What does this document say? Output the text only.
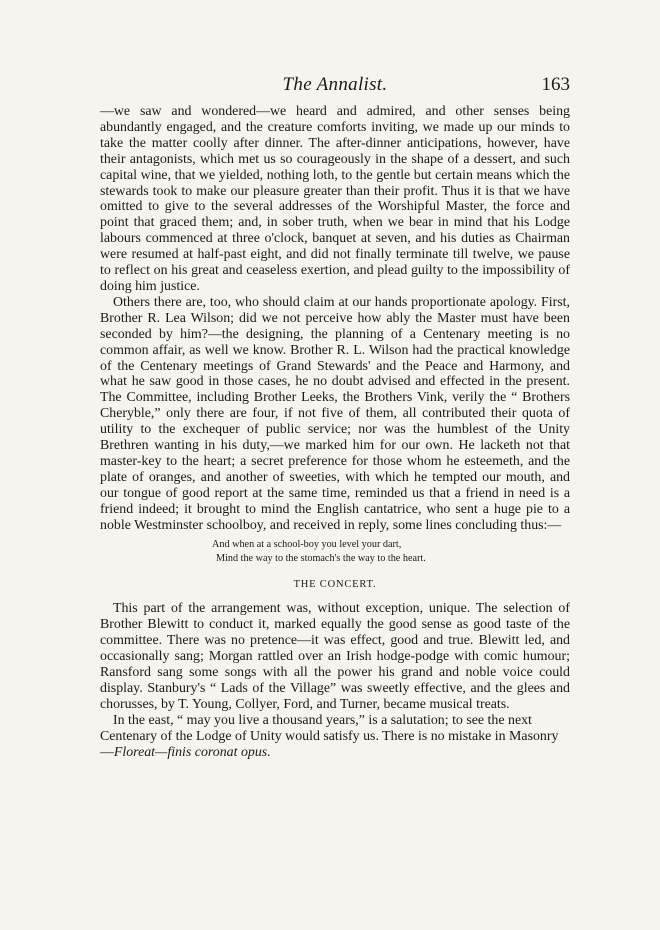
The Annalist.	163

—we saw and wondered—we heard and admired, and other senses being abundantly engaged, and the creature comforts inviting, we made up our minds to take the matter coolly after dinner. The after-dinner anticipations, however, have their antagonists, which met us so courageously in the shape of a dessert, and such capital wine, that we yielded, nothing loth, to the gentle but certain means which the stewards took to make our pleasure greater than their profit. Thus it is that we have omitted to give to the several addresses of the Worshipful Master, the force and point that graced them; and, in sober truth, when we bear in mind that his Lodge labours commenced at three o'clock, banquet at seven, and his duties as Chairman were resumed at half-past eight, and did not finally terminate till twelve, we pause to reflect on his great and ceaseless exertion, and plead guilty to the impossibility of doing him justice.

Others there are, too, who should claim at our hands proportionate apology. First, Brother R. Lea Wilson; did we not perceive how ably the Master must have been seconded by him?—the designing, the planning of a Centenary meeting is no common affair, as well we know. Brother R. L. Wilson had the practical knowledge of the Centenary meetings of Grand Stewards' and the Peace and Harmony, and what he saw good in those cases, he no doubt advised and effected in the present. The Committee, including Brother Leeks, the Brothers Vink, verily the “ Brothers Cheryble,” only there are four, if not five of them, all contributed their quota of utility to the exchequer of public service; nor was the humblest of the Unity Brethren wanting in his duty,—we marked him for our own. He lacketh not that master-key to the heart; a secret preference for those whom he esteemeth, and the plate of oranges, and another of sweeties, with which he tempted our mouth, and our tongue of good report at the same time, reminded us that a friend in need is a friend indeed; it brought to mind the English cantatrice, who sent a huge pie to a noble Westminster schoolboy, and received in reply, some lines concluding thus:—

And when at a school-boy you level your dart,
Mind the way to the stomach's the way to the heart.
THE CONCERT.

This part of the arrangement was, without exception, unique. The selection of Brother Blewitt to conduct it, marked equally the good sense as good taste of the committee. There was no pretence—it was effect, good and true. Blewitt led, and occasionally sang; Morgan rattled over an Irish hodge-podge with comic humour; Ransford sang some songs with all the power his grand and noble voice could display. Stanbury's “ Lads of the Village” was sweetly effective, and the glees and chorusses, by T. Young, Collyer, Ford, and Turner, became musical treats.

In the east, “ may you live a thousand years,” is a salutation; to see the next Centenary of the Lodge of Unity would satisfy us. There is no mistake in Masonry—Floreat—finis coronat opus.
